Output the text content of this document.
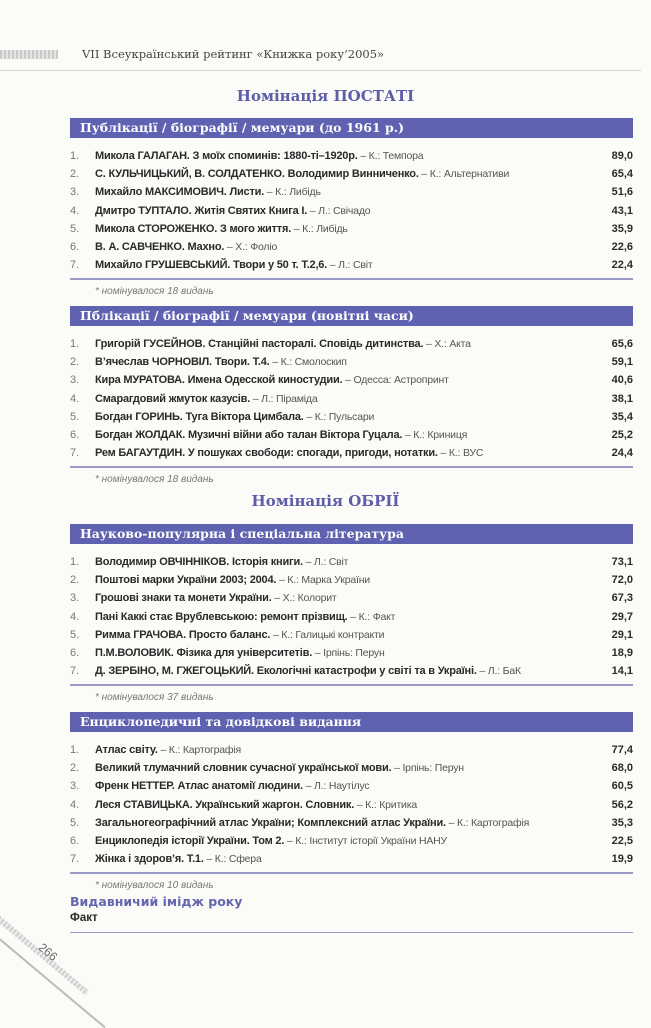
VII Всеукраїнський рейтинг «Книжка року’2005»
Номінація ПОСТАТІ
Публікації / біографії / мемуари (до 1961 р.)
1.	Микола ГАЛАГАН. З моїх споминів: 1880-ті–1920р. – К.: Темпора	89,0
2.	С. КУЛЬЧИЦЬКИЙ, В. СОЛДАТЕНКО. Володимир Винниченко. – К.: Альтернативи	65,4
3.	Михайло МАКСИМОВИЧ. Листи. – К.: Либідь	51,6
4.	Дмитро ТУПТАЛО. Житія Святих Книга I. – Л.: Свічадо	43,1
5.	Микола СТОРОЖЕНКО. З мого життя. – К.: Либідь	35,9
6.	В. А. САВЧЕНКО. Махно. – Х.: Фоліо	22,6
7.	Михайло ГРУШЕВСЬКИЙ. Твори у 50 т. Т.2,6. – Л.: Світ	22,4
* номінувалося 18 видань
Пблікації / біографії / мемуари (новітні часи)
1.	Григорій ГУСЕЙНОВ. Станційні пасторалі. Сповідь дитинства. – Х.: Акта	65,6
2.	В’ячеслав ЧОРНОВІЛ. Твори. Т.4. – К.: Смолоскип	59,1
3.	Кира МУРАТОВА. Имена Одесской киностудии. – Одесса: Астропринт	40,6
4.	Смарагдовий жмуток казусів. – Л.: Піраміда	38,1
5.	Богдан ГОРИНЬ. Туга Віктора Цимбала. – К.: Пульсари	35,4
6.	Богдан ЖОЛДАК. Музичні війни або талан Віктора Гуцала. – К.: Криниця	25,2
7.	Рем БАГАУТДИН. У пошуках свободи: спогади, пригоди, нотатки. – К.: ВУС	24,4
* номінувалося 18 видань
Номінація ОБРІЇ
Науково-популярна і спеціальна література
1.	Володимир ОВЧІННІКОВ. Історія книги. – Л.: Світ	73,1
2.	Поштові марки України 2003; 2004. – К.: Марка України	72,0
3.	Грошові знаки та монети України. – Х.: Колорит	67,3
4.	Пані Каккі стає Врублевською: ремонт прізвищ. – К.: Факт	29,7
5.	Римма ГРАЧОВА. Просто баланс. – К.: Галицькі контракти	29,1
6.	П.М.ВОЛОВИК. Фізика для університетів. – Ірпінь: Перун	18,9
7.	Д. ЗЕРБІНО, М. ГЖЕГОЦЬКИЙ. Екологічні катастрофи у світі та в Україні. – Л.: БаК	14,1
* номінувалося 37 видань
Енциклопедичні та довідкові видання
1.	Атлас світу. – К.: Картографія	77,4
2.	Великий тлумачний словник сучасної української мови. – Ірпінь: Перун	68,0
3.	Френк НЕТТЕР. Атлас анатомії людини. – Л.: Наутілус	60,5
4.	Леся СТАВИЦЬКА. Український жаргон. Словник. – К.: Критика	56,2
5.	Загальногеографічний атлас України; Комплексний атлас України. – К.: Картографія	35,3
6.	Енциклопедія історії України. Том 2. – К.: Інститут історії України НАНУ	22,5
7.	Жінка і здоров’я. Т.1. – К.: Сфера	19,9
* номінувалося 10 видань
Видавничий імідж року
Факт
266
